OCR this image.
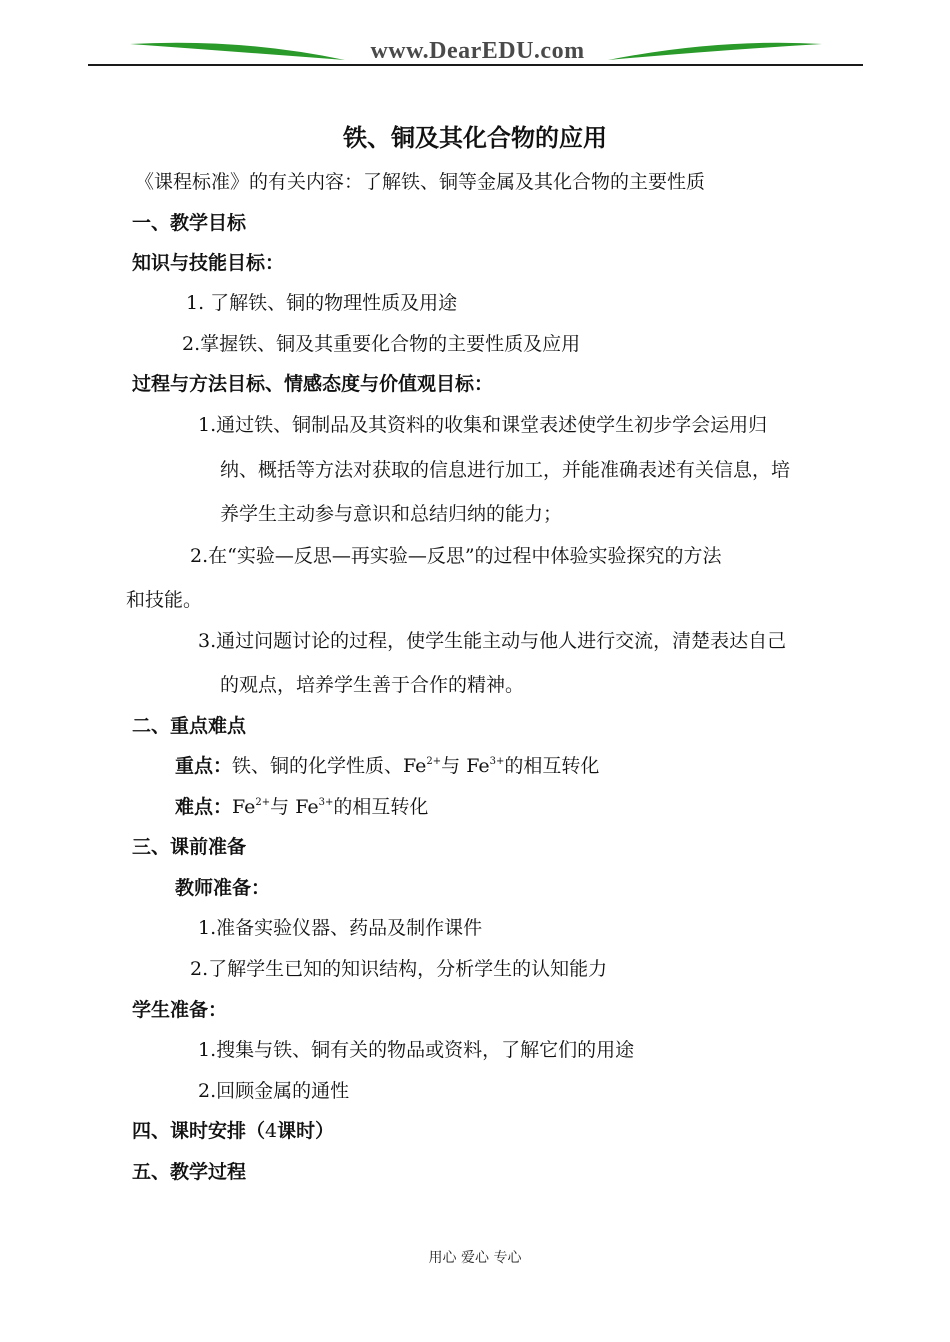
www.DearEDU.com
铁、铜及其化合物的应用
《课程标准》的有关内容：了解铁、铜等金属及其化合物的主要性质
一、教学目标
知识与技能目标：
1. 了解铁、铜的物理性质及用途
2.掌握铁、铜及其重要化合物的主要性质及应用
过程与方法目标、情感态度与价值观目标：
1.通过铁、铜制品及其资料的收集和课堂表述使学生初步学会运用归
纳、概括等方法对获取的信息进行加工，并能准确表述有关信息，培
养学生主动参与意识和总结归纳的能力；
2.在“实验—反思—再实验—反思”的过程中体验实验探究的方法
和技能。
3.通过问题讨论的过程，使学生能主动与他人进行交流，清楚表达自己
的观点，培养学生善于合作的精神。
二、重点难点
重点：铁、铜的化学性质、$Fe^{2+}$与 $Fe^{3+}$的相互转化
难点：$Fe^{2+}$与 $Fe^{3+}$的相互转化
三、课前准备
教师准备：
1.准备实验仪器、药品及制作课件
2.了解学生已知的知识结构，分析学生的认知能力
学生准备：
1.搜集与铁、铜有关的物品或资料，了解它们的用途
2.回顾金属的通性
四、课时安排（4课时）
五、教学过程
用心 爱心 专心
